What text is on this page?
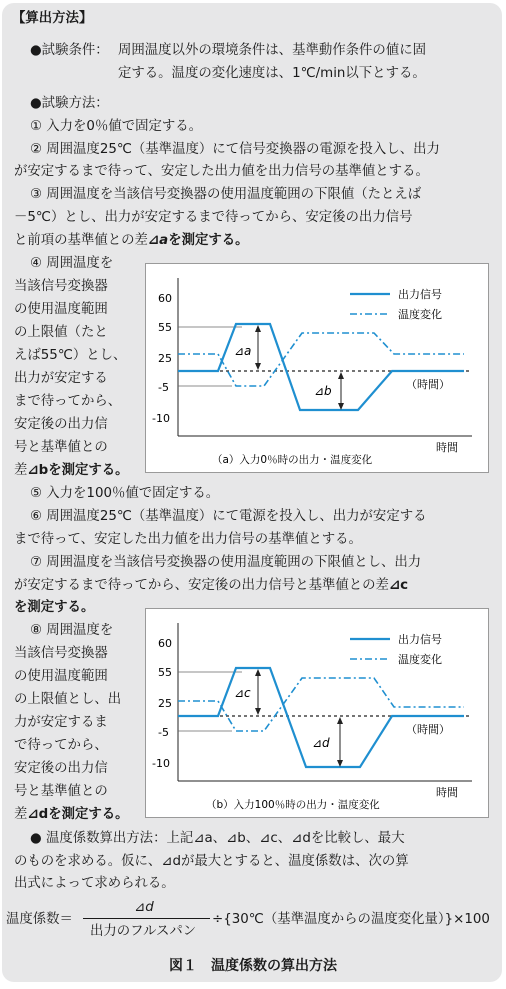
【算出方法】
●試験条件： 周囲温度以外の環境条件は、基準動作条件の値に固
定する。温度の変化速度は、1℃/min以下とする。
●試験方法：
① 入力を0％値で固定する。
② 周囲温度25℃（基準温度）にて信号変換器の電源を投入し、出力
が安定するまで待って、安定した出力値を出力信号の基準値とする。
③ 周囲温度を当該信号変換器の使用温度範囲の下限値（たとえば
－5℃）とし、出力が安定するまで待ってから、安定後の出力信号
と前項の基準値との差⊿aを測定する。
④ 周囲温度を
当該信号変換器
の使用温度範囲
の上限値（たと
えば55℃）とし、
出力が安定する
まで待ってから、
安定後の出力信
号と基準値との
差⊿bを測定する。
60
55
25
-5
-10
⊿a
⊿b
出力信号
温度変化
（時間）
時間
（a）入力0％時の出力・温度変化
⑤ 入力を100％値で固定する。
⑥ 周囲温度25℃（基準温度）にて電源を投入し、出力が安定する
まで待って、安定した出力値を出力信号の基準値とする。
⑦ 周囲温度を当該信号変換器の使用温度範囲の下限値とし、出力
が安定するまで待ってから、安定後の出力信号と基準値との差⊿c
を測定する。
⑧ 周囲温度を
当該信号変換器
の使用温度範囲
の上限値とし、出
力が安定するま
で待ってから、
安定後の出力信
号と基準値との
差⊿dを測定する。
60
55
25
-5
-10
⊿c
⊿d
出力信号
温度変化
（時間）
時間
（b）入力100％時の出力・温度変化
● 温度係数算出方法：上記⊿a、⊿b、⊿c、⊿dを比較し、最大
のものを求める。仮に、⊿dが最大とすると、温度係数は、次の算
出式によって求められる。
温度係数＝
⊿d
出力のフルスパン
÷{30℃（基準温度からの温度変化量）}×100
図１　温度係数の算出方法
